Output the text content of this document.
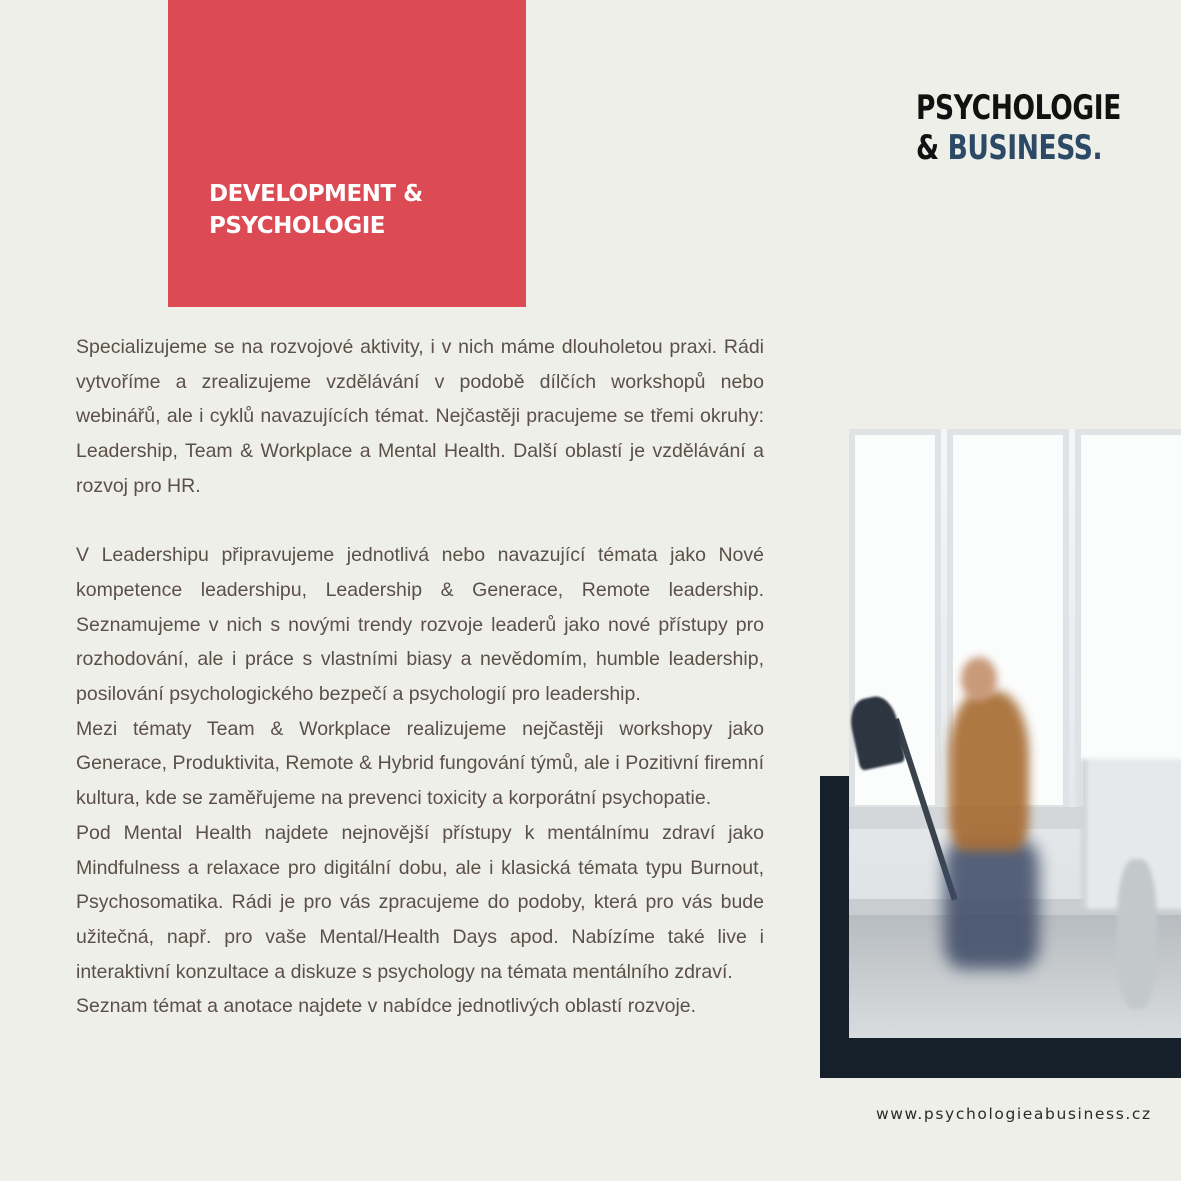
DEVELOPMENT &
PSYCHOLOGIE
PSYCHOLOGIE
& BUSINESS.

Specializujeme se na rozvojové aktivity, i v nich máme dlouholetou praxi. Rádi vytvoříme a zrealizujeme vzdělávání v podobě dílčích workshopů nebo webinářů, ale i cyklů navazujících témat. Nejčastěji pracujeme se třemi okruhy: Leadership, Team & Workplace a Mental Health. Další oblastí je vzdělávání a rozvoj pro HR.

V Leadershipu připravujeme jednotlivá nebo navazující témata jako Nové kompetence leadershipu, Leadership & Generace, Remote leadership. Seznamujeme v nich s novými trendy rozvoje leaderů jako nové přístupy pro rozhodování, ale i práce s vlastními biasy a nevědomím, humble leadership, posilování psychologického bezpečí a psychologií pro leadership.

Mezi tématy Team & Workplace realizujeme nejčastěji workshopy jako Generace, Produktivita, Remote & Hybrid fungování týmů, ale i Pozitivní firemní kultura, kde se zaměřujeme na prevenci toxicity a korporátní psychopatie.

Pod Mental Health najdete nejnovější přístupy k mentálnímu zdraví jako Mindfulness a relaxace pro digitální dobu, ale i klasická témata typu Burnout, Psychosomatika. Rádi je pro vás zpracujeme do podoby, která pro vás bude užitečná, např. pro vaše Mental/Health Days apod. Nabízíme také live i interaktivní konzultace a diskuze s psychology na témata mentálního zdraví.

Seznam témat a anotace najdete v nabídce jednotlivých oblastí rozvoje.

www.psychologieabusiness.cz
